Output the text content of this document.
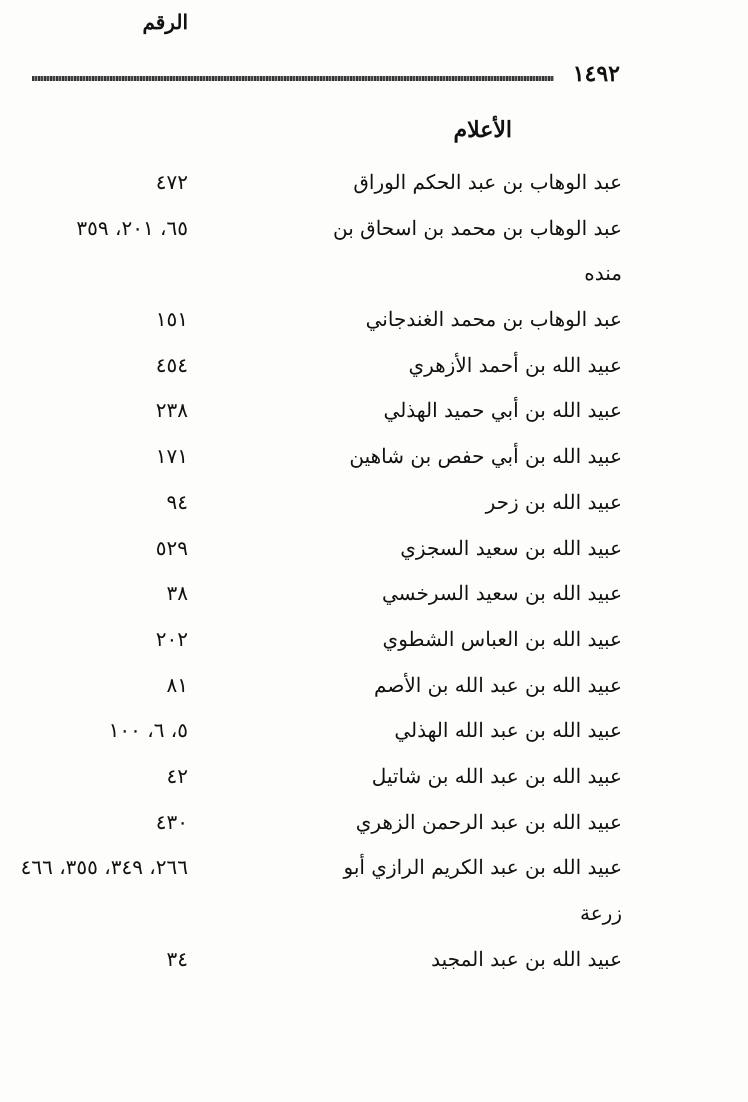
١٤٩٢
الأعلام
الرقم
عبد الوهاب بن عبد الحكم الوراق
٤٧٢
عبد الوهاب بن محمد بن اسحاق بن منده
٦٥، ٢٠١، ٣٥٩
عبد الوهاب بن محمد الغندجاني
١٥١
عبيد الله بن أحمد الأزهري
٤٥٤
عبيد الله بن أبي حميد الهذلي
٢٣٨
عبيد الله بن أبي حفص بن شاهين
١٧١
عبيد الله بن زحر
٩٤
عبيد الله بن سعيد السجزي
٥٢٩
عبيد الله بن سعيد السرخسي
٣٨
عبيد الله بن العباس الشطوي
٢٠٢
عبيد الله بن عبد الله بن الأصم
٨١
عبيد الله بن عبد الله الهذلي
٥، ٦، ١٠٠
عبيد الله بن عبد الله بن شاتيل
٤٢
عبيد الله بن عبد الرحمن الزهري
٤٣٠
عبيد الله بن عبد الكريم الرازي أبو زرعة
٢٦٦، ٣٤٩، ٣٥٥، ٤٦٦
عبيد الله بن عبد المجيد
٣٤
